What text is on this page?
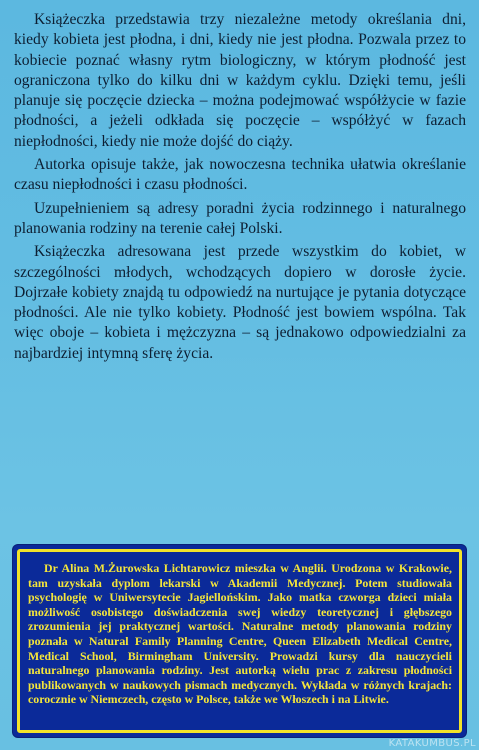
Książeczka przedstawia trzy niezależne metody określania dni, kiedy kobieta jest płodna, i dni, kiedy nie jest płodna. Pozwala przez to kobiecie poznać własny rytm biologiczny, w którym płodność jest ograniczona tylko do kilku dni w każdym cyklu. Dzięki temu, jeśli planuje się poczęcie dziecka – można podejmować współżycie w fazie płodności, a jeżeli odkłada się poczęcie – współżyć w fazach niepłodności, kiedy nie może dojść do ciąży.

Autorka opisuje także, jak nowoczesna technika ułatwia określanie czasu niepłodności i czasu płodności.

Uzupełnieniem są adresy poradni życia rodzinnego i naturalnego planowania rodziny na terenie całej Polski.

Książeczka adresowana jest przede wszystkim do kobiet, w szczególności młodych, wchodzących dopiero w dorosłe życie. Dojrzałe kobiety znajdą tu odpowiedź na nurtujące je pytania dotyczące płodności. Ale nie tylko kobiety. Płodność jest bowiem wspólna. Tak więc oboje – kobieta i mężczyzna – są jednakowo odpowiedzialni za najbardziej intymną sferę życia.

Dr Alina M.Żurowska Lichtarowicz mieszka w Anglii. Urodzona w Krakowie, tam uzyskała dyplom lekarski w Akademii Medycznej. Potem studiowała psychologię w Uniwersytecie Jagiellońskim. Jako matka czworga dzieci miała możliwość osobistego doświadczenia swej wiedzy teoretycznej i głębszego zrozumienia jej praktycznej wartości. Naturalne metody planowania rodziny poznała w Natural Family Planning Centre, Queen Elizabeth Medical Centre, Medical School, Birmingham University. Prowadzi kursy dla nauczycieli naturalnego planowania rodziny. Jest autorką wielu prac z zakresu płodności publikowanych w naukowych pismach medycznych. Wykłada w różnych krajach: corocznie w Niemczech, często w Polsce, także we Włoszech i na Litwie.

KATAKUMBUS.PL
